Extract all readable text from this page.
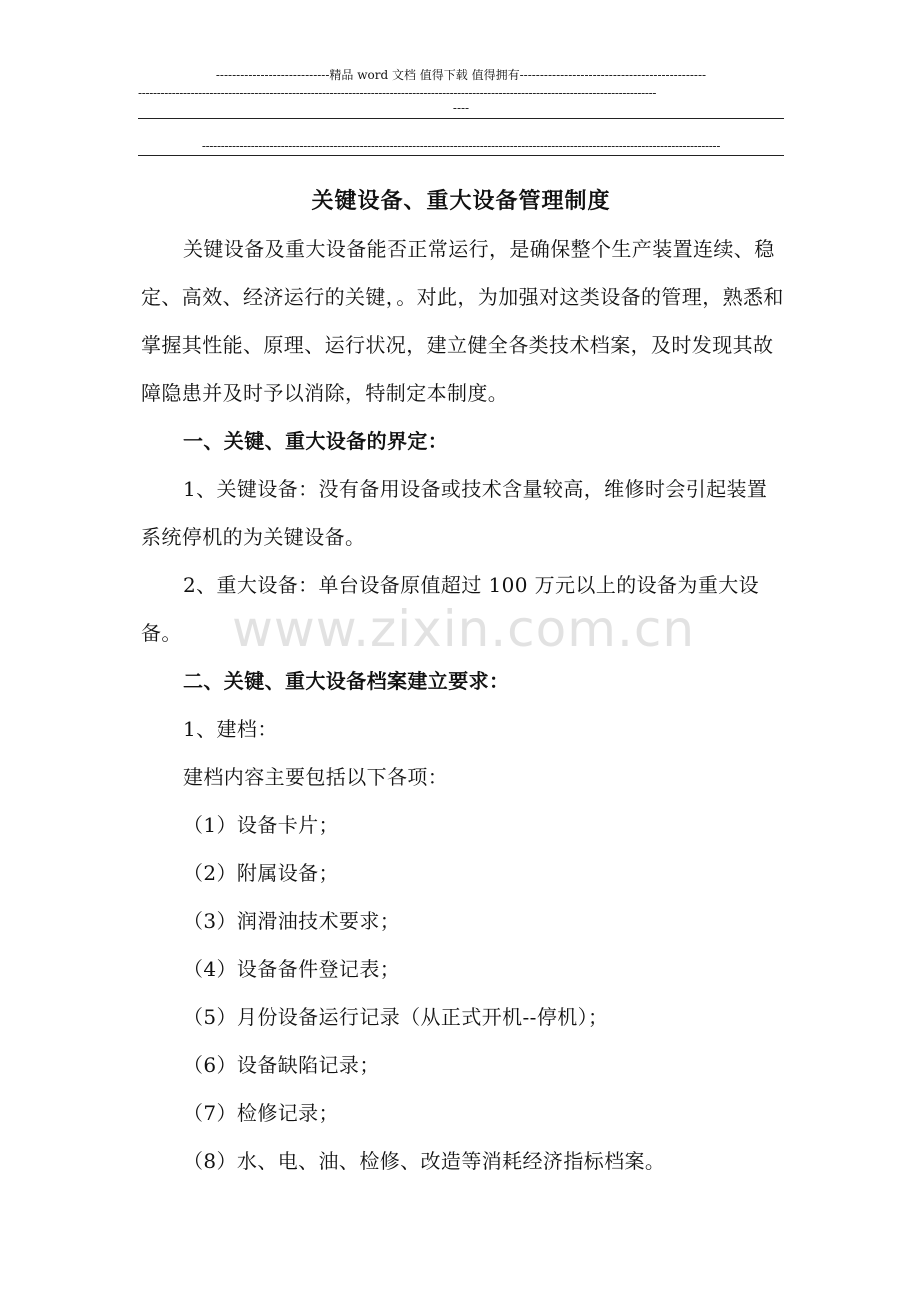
----------------------------精品 word 文档 值得下载 值得拥有----------------------------------------------
------------------------------------------------------------------------------------------------------------------------------------------
----
------------------------------------------------------------------------------------------------------------------------------------------
关键设备、重大设备管理制度
关键设备及重大设备能否正常运行，是确保整个生产装置连续、稳定、高效、经济运行的关键，。对此，为加强对这类设备的管理，熟悉和掌握其性能、原理、运行状况，建立健全各类技术档案，及时发现其故障隐患并及时予以消除，特制定本制度。
一、关键、重大设备的界定：
1、关键设备：没有备用设备或技术含量较高，维修时会引起装置系统停机的为关键设备。
2、重大设备：单台设备原值超过 100 万元以上的设备为重大设备。
二、关键、重大设备档案建立要求：
1、建档：
建档内容主要包括以下各项：
（1）设备卡片；
（2）附属设备；
（3）润滑油技术要求；
（4）设备备件登记表；
（5）月份设备运行记录（从正式开机--停机）；
（6）设备缺陷记录；
（7）检修记录；
（8）水、电、油、检修、改造等消耗经济指标档案。
www.zixin.com.cn
